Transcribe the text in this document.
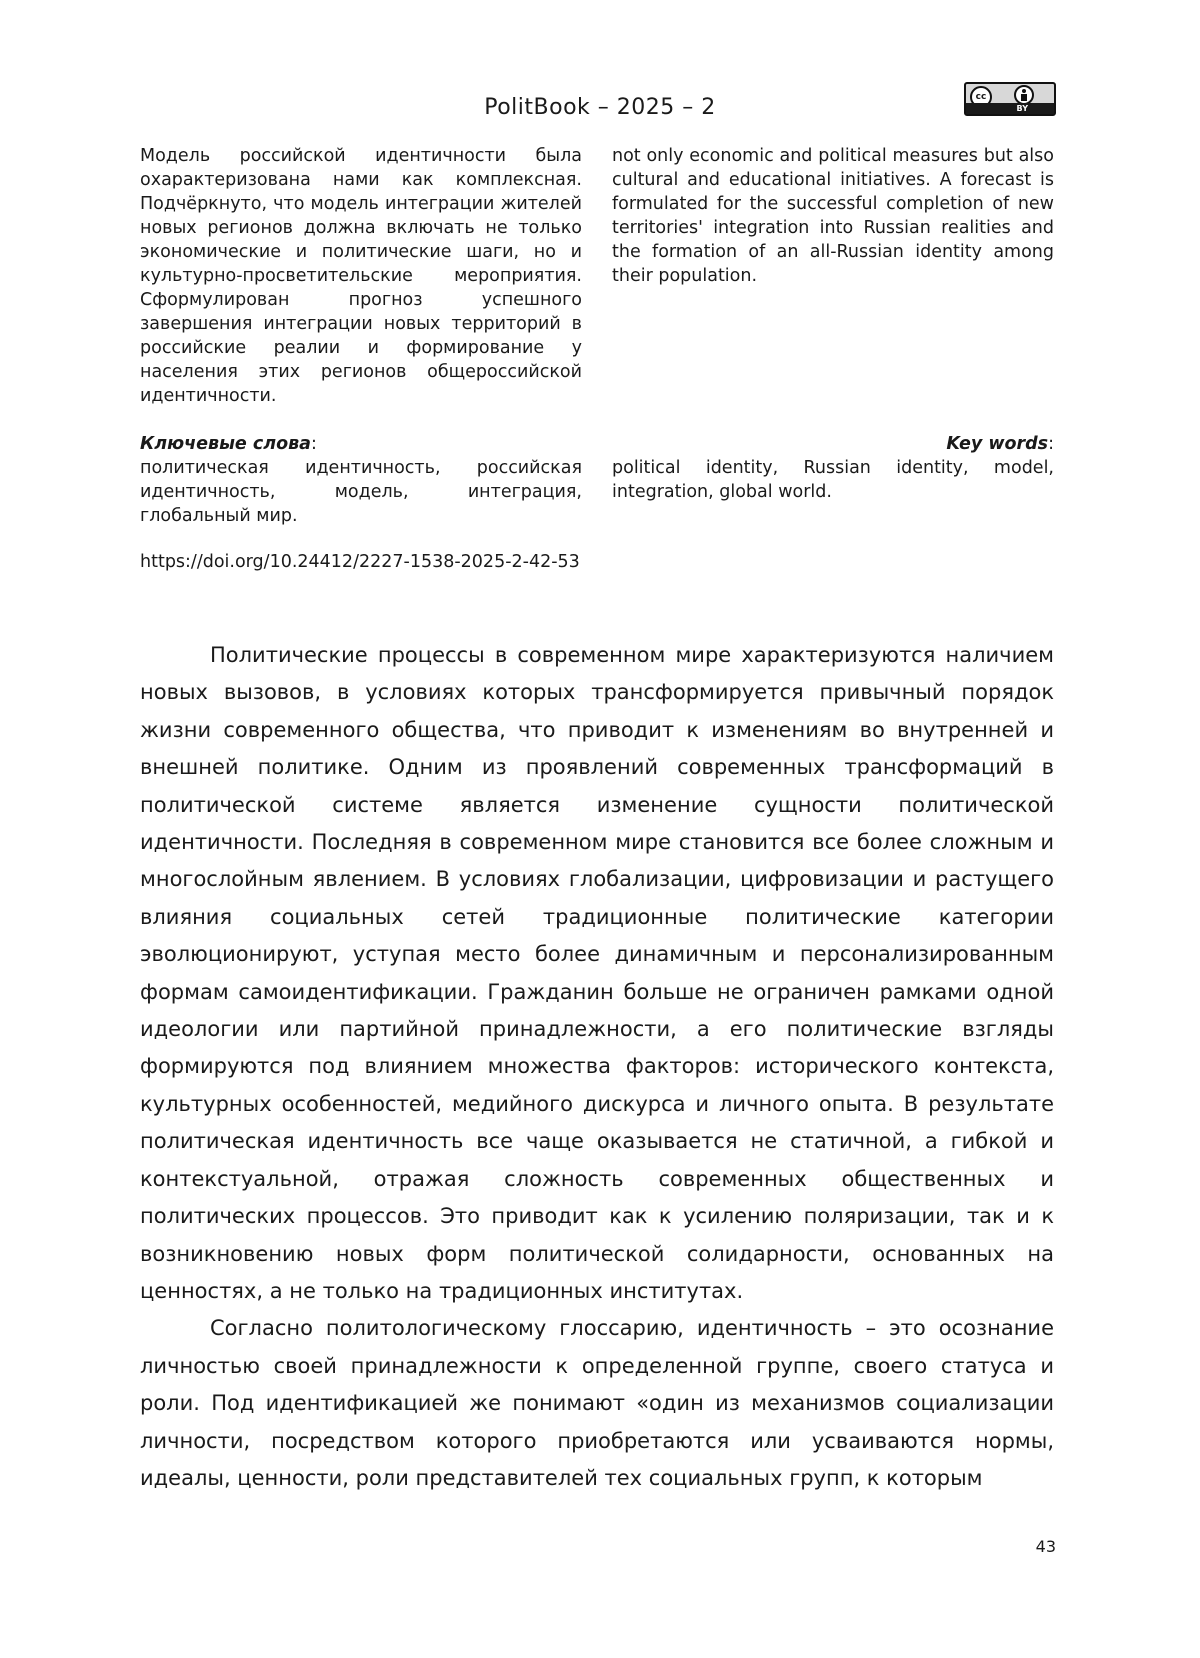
PolitBook – 2025 – 2	cc
BY
Модель российской идентичности была охарактеризована нами как комплексная. Подчёркнуто, что модель интеграции жителей новых регионов должна включать не только экономические и политические шаги, но и культурно-просветительские мероприятия. Сформулирован прогноз успешного завершения интеграции новых территорий в российские реалии и формирование у населения этих регионов общероссийской идентичности.
not only economic and political measures but also cultural and educational initiatives. A forecast is formulated for the successful completion of new territories' integration into Russian realities and the formation of an all-Russian identity among their population.
Ключевые слова:
политическая идентичность, российская идентичность, модель, интеграция, глобальный мир.
Key words:
political identity, Russian identity, model, integration, global world.
https://doi.org/10.24412/2227-1538-2025-2-42-53

Политические процессы в современном мире характеризуются наличием новых вызовов, в условиях которых трансформируется привычный порядок жизни современного общества, что приводит к изменениям во внутренней и внешней политике. Одним из проявлений современных трансформаций в политической системе является изменение сущности политической идентичности. Последняя в современном мире становится все более сложным и многослойным явлением. В условиях глобализации, цифровизации и растущего влияния социальных сетей традиционные политические категории эволюционируют, уступая место более динамичным и персонализированным формам самоидентификации. Гражданин больше не ограничен рамками одной идеологии или партийной принадлежности, а его политические взгляды формируются под влиянием множества факторов: исторического контекста, культурных особенностей, медийного дискурса и личного опыта. В результате политическая идентичность все чаще оказывается не статичной, а гибкой и контекстуальной, отражая сложность современных общественных и политических процессов. Это приводит как к усилению поляризации, так и к возникновению новых форм политической солидарности, основанных на ценностях, а не только на традиционных институтах.

Согласно политологическому глоссарию, идентичность – это осознание личностью своей принадлежности к определенной группе, своего статуса и роли. Под идентификацией же понимают «один из механизмов социализации личности, посредством которого приобретаются или усваиваются нормы, идеалы, ценности, роли представителей тех социальных групп, к которым

43
